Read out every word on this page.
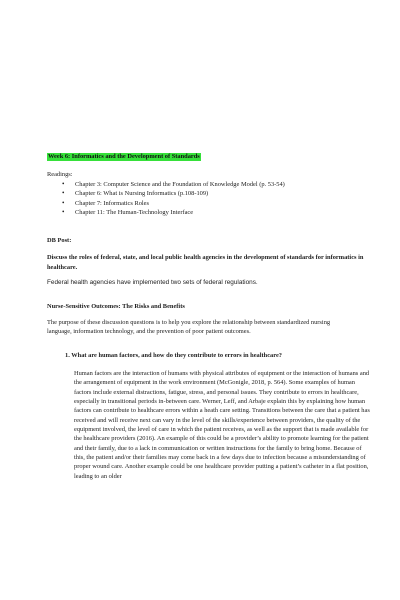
Week 6: Informatics and the Development of Standards
Readings:
• Chapter 3: Computer Science and the Foundation of Knowledge Model (p. 53-54)
• Chapter 6: What is Nursing Informatics (p.108-109)
• Chapter 7: Informatics Roles
• Chapter 11: The Human-Technology Interface
DB Post:
Discuss the roles of federal, state, and local public health agencies in the development of standards for informatics in healthcare.
Federal health agencies have implemented two sets of federal regulations.
Nurse-Sensitive Outcomes: The Risks and Benefits
The purpose of these discussion questions is to help you explore the relationship between standardized nursing language, information technology, and the prevention of poor patient outcomes.
1. What are human factors, and how do they contribute to errors in healthcare?
Human factors are the interaction of humans with physical attributes of equipment or the interaction of humans and the arrangement of equipment in the work environment (McGonigle, 2018, p. 564). Some examples of human factors include external distractions, fatigue, stress, and personal issues. They contribute to errors in healthcare, especially in transitional periods in-between care. Werner, Leff, and Arbaje explain this by explaining how human factors can contribute to healthcare errors within a heath care setting. Transitions between the care that a patient has received and will receive next can vary in the level of the skills/experience between providers, the quality of the equipment involved, the level of care in which the patient receives, as well as the support that is made available for the healthcare providers (2016). An example of this could be a provider’s ability to promote learning for the patient and their family, due to a lack in communication or written instructions for the family to bring home. Because of this, the patient and/or their families may come back in a few days due to infection because a misunderstanding of proper wound care. Another example could be one healthcare provider putting a patient’s catheter in a flat position, leading to an older
